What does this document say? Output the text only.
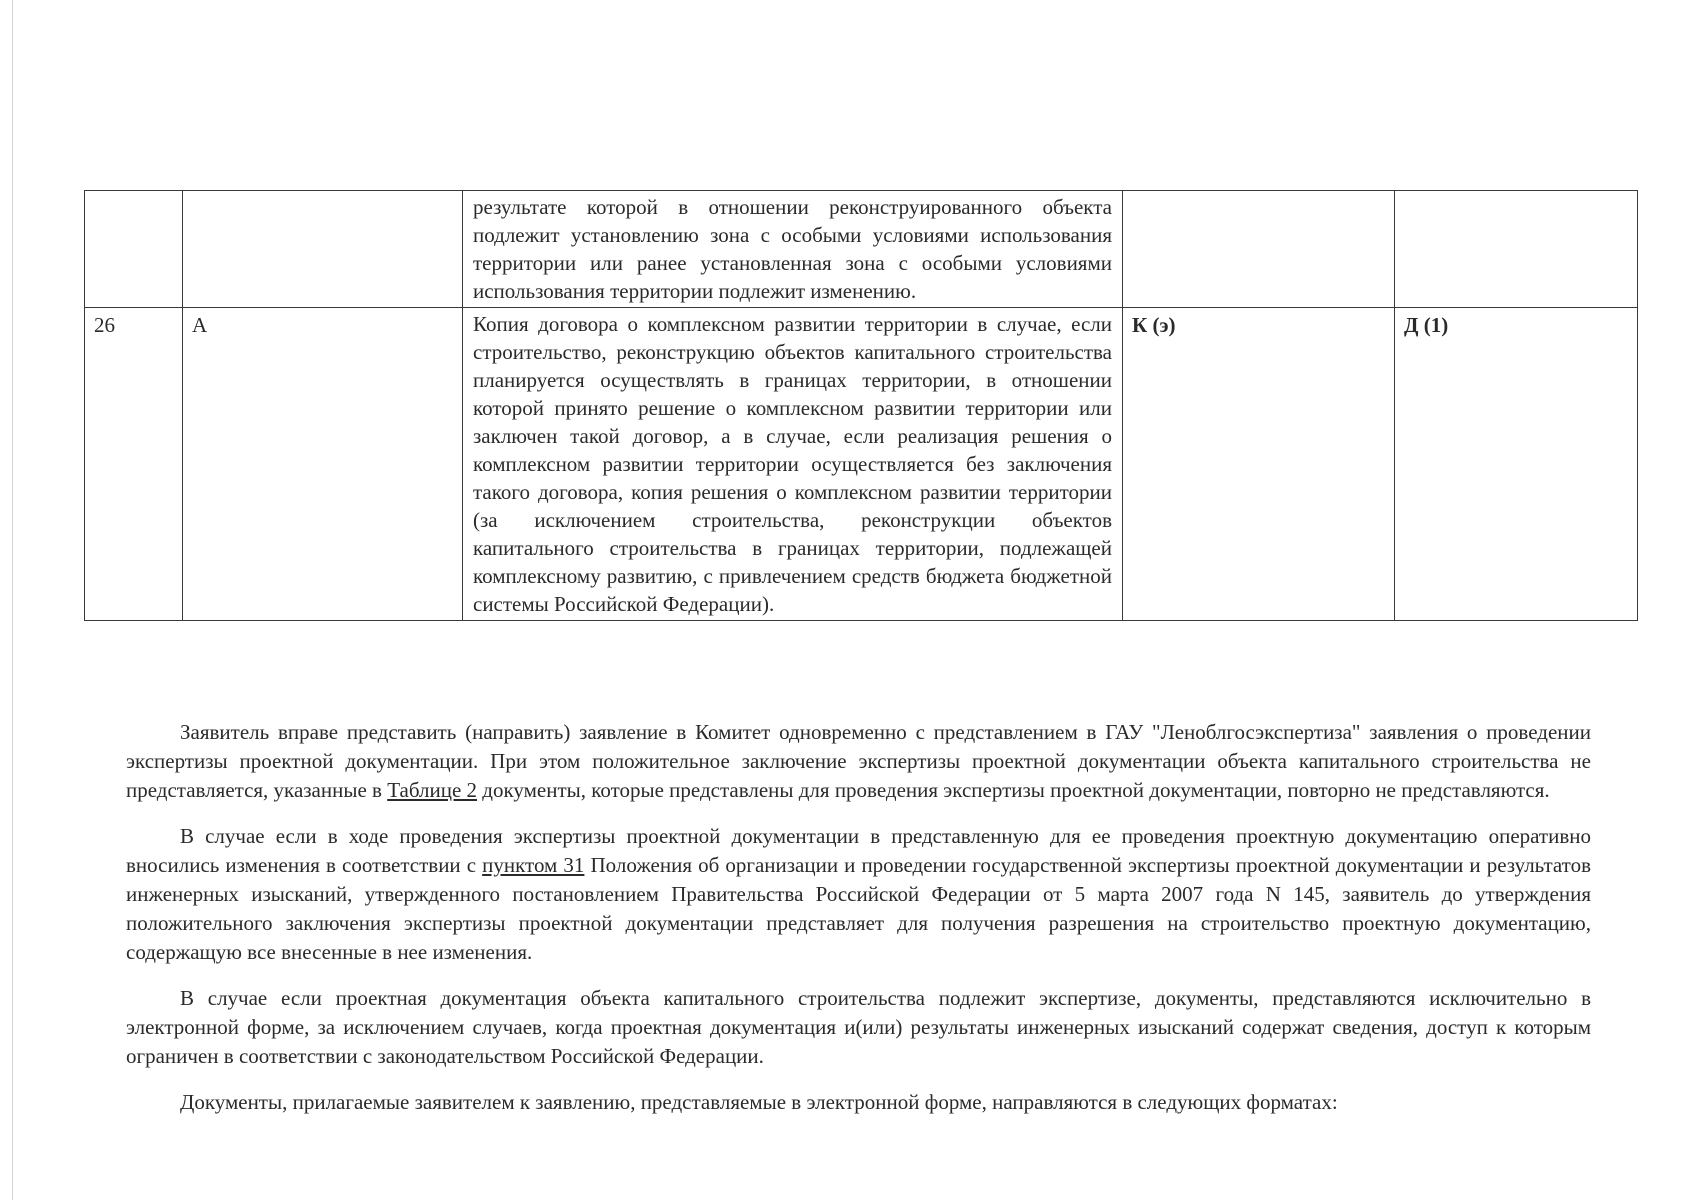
		результате которой в отношении реконструированного объекта подлежит установлению зона с особыми условиями использования территории или ранее установленная зона с особыми условиями использования территории подлежит изменению.		
26	А	Копия договора о комплексном развитии территории в случае, если строительство, реконструкцию объектов капитального строительства планируется осуществлять в границах территории, в отношении которой принято решение о комплексном развитии территории или заключен такой договор, а в случае, если реализация решения о комплексном развитии территории осуществляется без заключения такого договора, копия решения о комплексном развитии территории (за исключением строительства, реконструкции объектов капитального строительства в границах территории, подлежащей комплексному развитию, с привлечением средств бюджета бюджетной системы Российской Федерации).	К (э)	Д (1)

Заявитель вправе представить (направить) заявление в Комитет одновременно с представлением в ГАУ "Леноблгосэкспертиза" заявления о проведении экспертизы проектной документации. При этом положительное заключение экспертизы проектной документации объекта капитального строительства не представляется, указанные в Таблице 2 документы, которые представлены для проведения экспертизы проектной документации, повторно не представляются.

В случае если в ходе проведения экспертизы проектной документации в представленную для ее проведения проектную документацию оперативно вносились изменения в соответствии с пунктом 31 Положения об организации и проведении государственной экспертизы проектной документации и результатов инженерных изысканий, утвержденного постановлением Правительства Российской Федерации от 5 марта 2007 года N 145, заявитель до утверждения положительного заключения экспертизы проектной документации представляет для получения разрешения на строительство проектную документацию, содержащую все внесенные в нее изменения.

В случае если проектная документация объекта капитального строительства подлежит экспертизе, документы, представляются исключительно в электронной форме, за исключением случаев, когда проектная документация и(или) результаты инженерных изысканий содержат сведения, доступ к которым ограничен в соответствии с законодательством Российской Федерации.

Документы, прилагаемые заявителем к заявлению, представляемые в электронной форме, направляются в следующих форматах:
